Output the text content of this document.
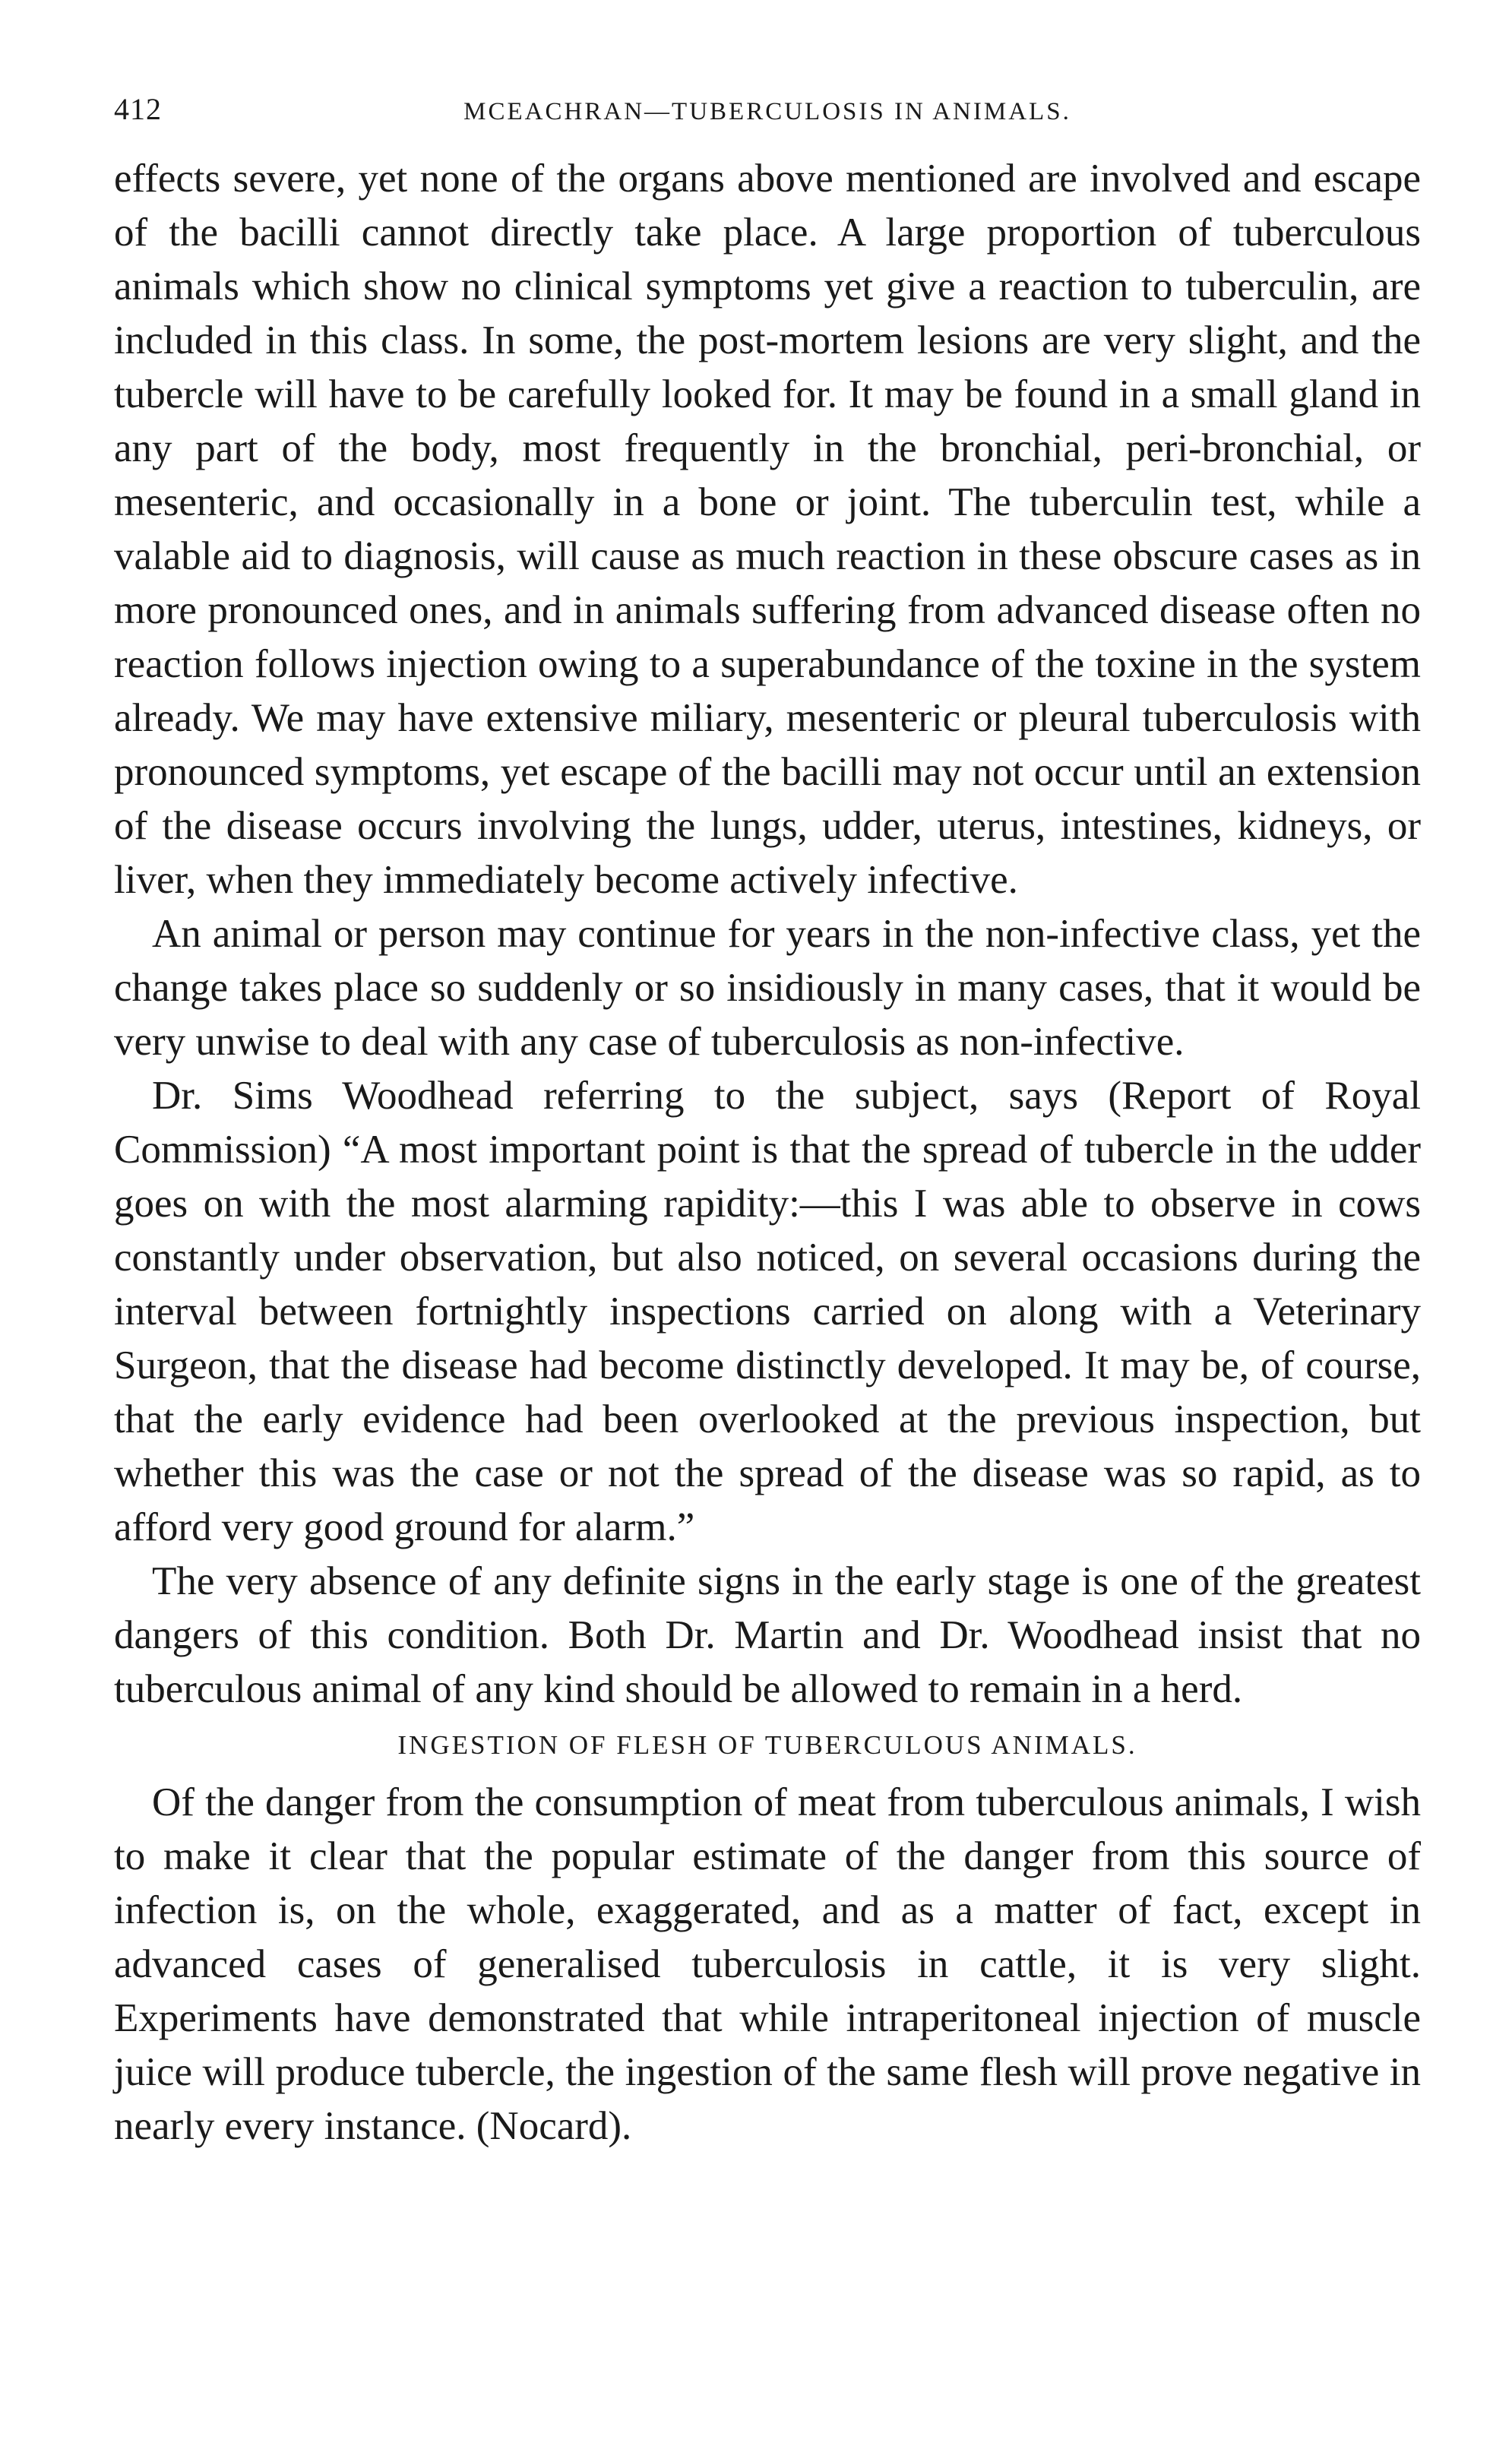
412	MCEACHRAN—TUBERCULOSIS IN ANIMALS.

effects severe, yet none of the organs above mentioned are involved and escape of the bacilli cannot directly take place. A large proportion of tuberculous animals which show no clinical symptoms yet give a reaction to tuberculin, are included in this class. In some, the post-mortem lesions are very slight, and the tubercle will have to be carefully looked for. It may be found in a small gland in any part of the body, most frequently in the bronchial, peri-bronchial, or mesenteric, and occasionally in a bone or joint. The tuberculin test, while a valable aid to diagnosis, will cause as much reaction in these obscure cases as in more pronounced ones, and in animals suffering from advanced disease often no reaction follows injection owing to a superabundance of the toxine in the system already. We may have extensive miliary, mesenteric or pleural tuberculosis with pronounced symptoms, yet escape of the bacilli may not occur until an extension of the disease occurs involving the lungs, udder, uterus, intestines, kidneys, or liver, when they immediately become actively infective.

An animal or person may continue for years in the non-infective class, yet the change takes place so suddenly or so insidiously in many cases, that it would be very unwise to deal with any case of tuberculosis as non-infective.

Dr. Sims Woodhead referring to the subject, says (Report of Royal Commission) “A most important point is that the spread of tubercle in the udder goes on with the most alarming rapidity:—this I was able to observe in cows constantly under observation, but also noticed, on several occasions during the interval between fortnightly inspections carried on along with a Veterinary Surgeon, that the disease had become distinctly developed. It may be, of course, that the early evidence had been overlooked at the previous inspection, but whether this was the case or not the spread of the disease was so rapid, as to afford very good ground for alarm.”

The very absence of any definite signs in the early stage is one of the greatest dangers of this condition. Both Dr. Martin and Dr. Woodhead insist that no tuberculous animal of any kind should be allowed to remain in a herd.

INGESTION OF FLESH OF TUBERCULOUS ANIMALS.

Of the danger from the consumption of meat from tuberculous animals, I wish to make it clear that the popular estimate of the danger from this source of infection is, on the whole, exaggerated, and as a matter of fact, except in advanced cases of generalised tuberculosis in cattle, it is very slight. Experiments have demonstrated that while intraperitoneal injection of muscle juice will produce tubercle, the ingestion of the same flesh will prove negative in nearly every instance. (Nocard).
